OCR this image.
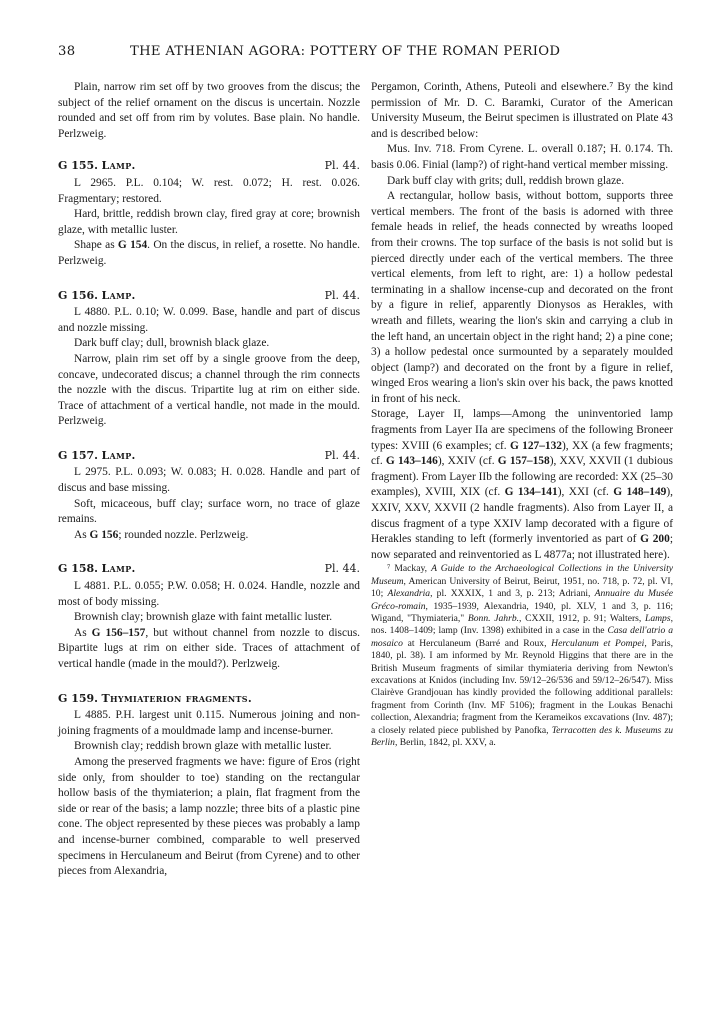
38	THE ATHENIAN AGORA: POTTERY OF THE ROMAN PERIOD

Plain, narrow rim set off by two grooves from the discus; the subject of the relief ornament on the discus is uncertain. Nozzle rounded and set off from rim by volutes. Base plain. No handle. Perlzweig.

G 155. Lamp.	Pl. 44.

L 2965. P.L. 0.104; W. rest. 0.072; H. rest. 0.026. Fragmentary; restored.

Hard, brittle, reddish brown clay, fired gray at core; brownish glaze, with metallic luster.

Shape as G 154. On the discus, in relief, a rosette. No handle. Perlzweig.

G 156. Lamp.	Pl. 44.

L 4880. P.L. 0.10; W. 0.099. Base, handle and part of discus and nozzle missing.

Dark buff clay; dull, brownish black glaze.

Narrow, plain rim set off by a single groove from the deep, concave, undecorated discus; a channel through the rim connects the nozzle with the discus. Tripartite lug at rim on either side. Trace of attachment of a vertical handle, not made in the mould. Perlzweig.

G 157. Lamp.	Pl. 44.

L 2975. P.L. 0.093; W. 0.083; H. 0.028. Handle and part of discus and base missing.

Soft, micaceous, buff clay; surface worn, no trace of glaze remains.

As G 156; rounded nozzle. Perlzweig.

G 158. Lamp.	Pl. 44.

L 4881. P.L. 0.055; P.W. 0.058; H. 0.024. Handle, nozzle and most of body missing.

Brownish clay; brownish glaze with faint metallic luster.

As G 156–157, but without channel from nozzle to discus. Bipartite lugs at rim on either side. Traces of attachment of vertical handle (made in the mould?). Perlzweig.

G 159. Thymiaterion fragments.

L 4885. P.H. largest unit 0.115. Numerous joining and non-joining fragments of a mouldmade lamp and incense-burner.

Brownish clay; reddish brown glaze with metallic luster.

Among the preserved fragments we have: figure of Eros (right side only, from shoulder to toe) standing on the rectangular hollow basis of the thymiaterion; a plain, flat fragment from the side or rear of the basis; a lamp nozzle; three bits of a plastic pine cone. The object represented by these pieces was probably a lamp and incense-burner combined, comparable to well preserved specimens in Herculaneum and Beirut (from Cyrene) and to other pieces from Alexandria,

Pergamon, Corinth, Athens, Puteoli and elsewhere.⁷ By the kind permission of Mr. D. C. Baramki, Curator of the American University Museum, the Beirut specimen is illustrated on Plate 43 and is described below:

Mus. Inv. 718. From Cyrene. L. overall 0.187; H. 0.174. Th. basis 0.06. Finial (lamp?) of right-hand vertical member missing.

Dark buff clay with grits; dull, reddish brown glaze.

A rectangular, hollow basis, without bottom, supports three vertical members. The front of the basis is adorned with three female heads in relief, the heads connected by wreaths looped from their crowns. The top surface of the basis is not solid but is pierced directly under each of the vertical members. The three vertical elements, from left to right, are: 1) a hollow pedestal terminating in a shallow incense-cup and decorated on the front by a figure in relief, apparently Dionysos as Herakles, with wreath and fillets, wearing the lion's skin and carrying a club in the left hand, an uncertain object in the right hand; 2) a pine cone; 3) a hollow pedestal once surmounted by a separately moulded object (lamp?) and decorated on the front by a figure in relief, winged Eros wearing a lion's skin over his back, the paws knotted in front of his neck.

Storage, Layer II, lamps—Among the uninventoried lamp fragments from Layer IIa are specimens of the following Broneer types: XVIII (6 examples; cf. G 127–132), XX (a few fragments; cf. G 143–146), XXIV (cf. G 157–158), XXV, XXVII (1 dubious fragment). From Layer IIb the following are recorded: XX (25–30 examples), XVIII, XIX (cf. G 134–141), XXI (cf. G 148–149), XXIV, XXV, XXVII (2 handle fragments). Also from Layer II, a discus fragment of a type XXIV lamp decorated with a figure of Herakles standing to left (formerly inventoried as part of G 200; now separated and reinventoried as L 4877a; not illustrated here).

⁷ Mackay, A Guide to the Archaeological Collections in the University Museum, American University of Beirut, Beirut, 1951, no. 718, p. 72, pl. VI, 10; Alexandria, pl. XXXIX, 1 and 3, p. 213; Adriani, Annuaire du Musée Gréco-romain, 1935–1939, Alexandria, 1940, pl. XLV, 1 and 3, p. 116; Wigand, "Thymiateria," Bonn. Jahrb., CXXII, 1912, p. 91; Walters, Lamps, nos. 1408–1409; lamp (Inv. 1398) exhibited in a case in the Casa dell'atrio a mosaico at Herculaneum (Barré and Roux, Herculanum et Pompei, Paris, 1840, pl. 38). I am informed by Mr. Reynold Higgins that there are in the British Museum fragments of similar thymiateria deriving from Newton's excavations at Knidos (including Inv. 59/12–26/536 and 59/12–26/547). Miss Clairève Grandjouan has kindly provided the following additional parallels: fragment from Corinth (Inv. MF 5106); fragment in the Loukas Benachi collection, Alexandria; fragment from the Kerameikos excavations (Inv. 487); a closely related piece published by Panofka, Terracotten des k. Museums zu Berlin, Berlin, 1842, pl. XXV, a.
